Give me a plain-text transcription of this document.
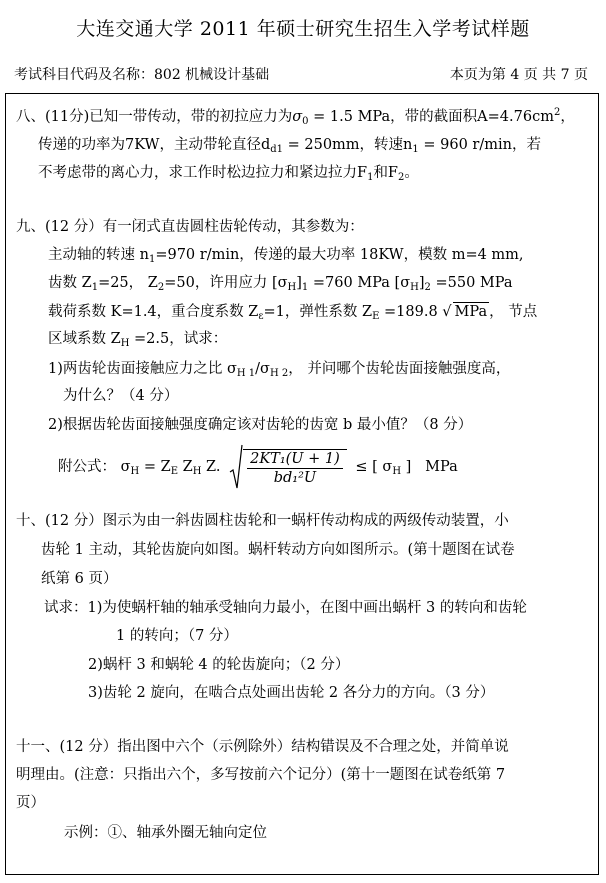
大连交通大学 2011 年硕士研究生招生入学考试样题
考试科目代码及名称：802 机械设计基础	本页为第 4 页 共 7 页
八、(11分)已知一带传动，带的初拉应力为$\sigma_0 = 1.5$ MPa，带的截面积$A=4.76cm^2$，
传递的功率为7KW，主动带轮直径$d_{d1} = 250mm$，转速$n_1 = 960$ r/min，若
不考虑带的离心力，求工作时松边拉力和紧边拉力$F_1$和$F_2$。
九、(12 分）有一闭式直齿圆柱齿轮传动，其参数为：
主动轴的转速 $n_1=970$ r/min，传递的最大功率 18KW，模数 m=4 mm,
齿数 $Z_1=25$， $Z_2=50$，许用应力 $[\sigma_H]_1 =760$ MPa $[\sigma_H]_2 =550$ MPa
载荷系数 K=1.4，重合度系数 $Z_\varepsilon=1$，弹性系数 $Z_E =189.8$ √ MPa ， 节点
区域系数 $Z_H =2.5$，试求：
1)两齿轮齿面接触应力之比 $\sigma_{H 1}/\sigma_{H 2}$， 并问哪个齿轮齿面接触强度高，
为什么？（4 分）
2)根据齿轮齿面接触强度确定该对齿轮的齿宽 b 最小值？（8 分）
附公式： $\sigma_H = Z_E$ $Z_H$ Z. $\frac{\text{2KT₁(U + 1)}}{\text{bd₁²U}}$ ≤ [ $\sigma_H$ ] MPa
十、(12 分）图示为由一斜齿圆柱齿轮和一蜗杆传动构成的两级传动装置，小
齿轮 1 主动，其轮齿旋向如图。蜗杆转动方向如图所示。(第十题图在试卷
纸第 6 页）
试求：1)为使蜗杆轴的轴承受轴向力最小，在图中画出蜗杆 3 的转向和齿轮
1 的转向；（7 分）
2)蜗杆 3 和蜗轮 4 的轮齿旋向；（2 分）
3)齿轮 2 旋向，在啮合点处画出齿轮 2 各分力的方向。（3 分）
十一、(12 分）指出图中六个（示例除外）结构错误及不合理之处，并简单说
明理由。(注意：只指出六个，多写按前六个记分）(第十一题图在试卷纸第 7
页）
示例：①、轴承外圈无轴向定位
